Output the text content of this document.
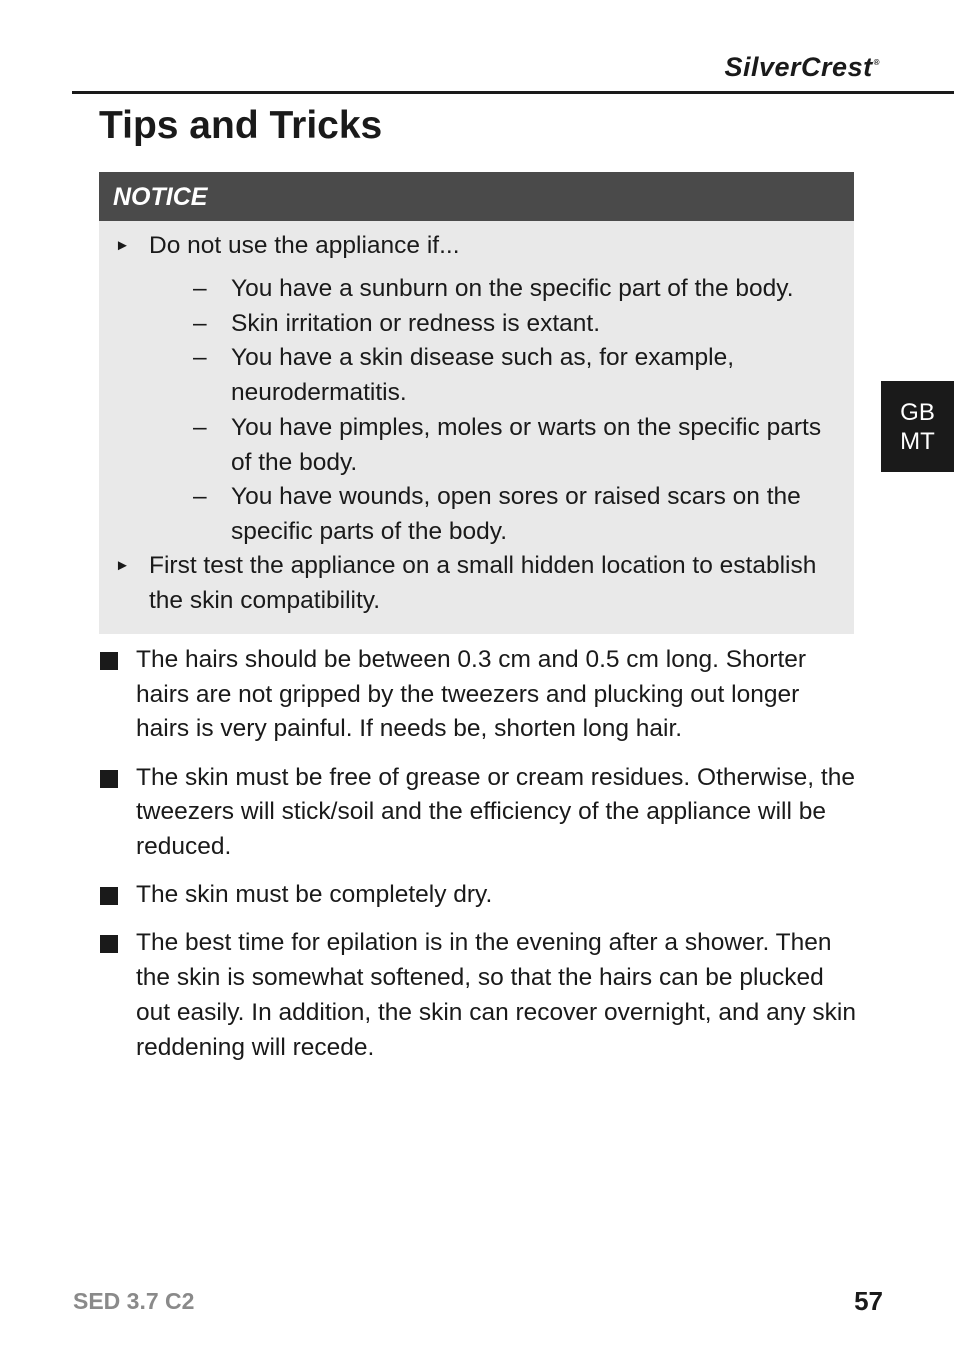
SilverCrest®
Tips and Tricks
GB
MT
NOTICE
► Do not use the appliance if...
– You have a sunburn on the specific part of the body.
– Skin irritation or redness is extant.
– You have a skin disease such as, for example, neurodermatitis.
– You have pimples, moles or warts on the specific parts of the body.
– You have wounds, open sores or raised scars on the specific parts of the body.
► First test the appliance on a small hidden location to establish the skin compatibility.
The hairs should be between 0.3 cm and 0.5 cm long. Shorter hairs are not gripped by the tweezers and plucking out longer hairs is very painful. If needs be, shorten long hair.
The skin must be free of grease or cream residues. Otherwise, the tweezers will stick/soil and the efficiency of the appliance will be reduced.
The skin must be completely dry.
The best time for epilation is in the evening after a shower. Then the skin is somewhat softened, so that the hairs can be plucked out easily. In addition, the skin can recover overnight, and any skin reddening will recede.
SED 3.7 C2	57
